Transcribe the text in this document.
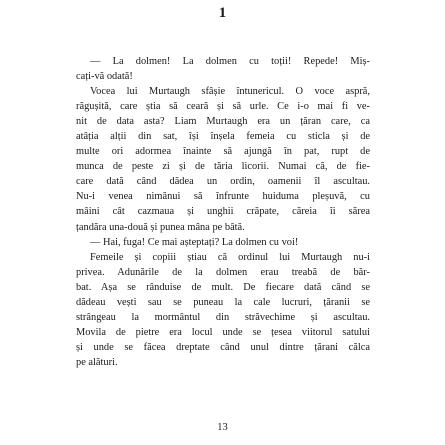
1
— La dolmen! La dolmen cu toții! Repede! Miș-
cați-vă odată!
Vocea lui Murtaugh sfâșie întunericul. O voce aspră,
răgușită, care știa să ceară și să urle. Ce i-o mai fi ve-
nit de data asta? Liam Murtaugh era un țăran care, ca
atâția alții din sat, își înșela femeia cu sticla și de
multe ori adormea înainte să ajungă în pat, rupt de
munca de peste zi și de tăria licorii. Numai că, de fie-
care dată când dădea un ordin, oamenii îl ascultau.
Nu-i venea nimănui să înfrunte huiduma pleșuvă, cu
mâini cât cazmaua și unghii crăpate, căreia îi sărea
țandăra una-două și punea mâna pe bâtă.
— Hai, fuga! Ce mai așteptați? La dolmen cu voi!
Femeile și copiii știau că ordinul lui Murtaugh nu-i
privea. Adunările de la dolmen erau treabă de băr-
bat. Așa se rânduise de mult. De fiecare dată când se
dădeau vești sau se puneau la cale lucruri, țăranii se
strângeau la mormântul din străvechime și ascultau.
Movila de pietre era locul unde se țesea viitorul satului
și unde se făcea dreptate când unul dintre țărani călca
pe alături.
13
